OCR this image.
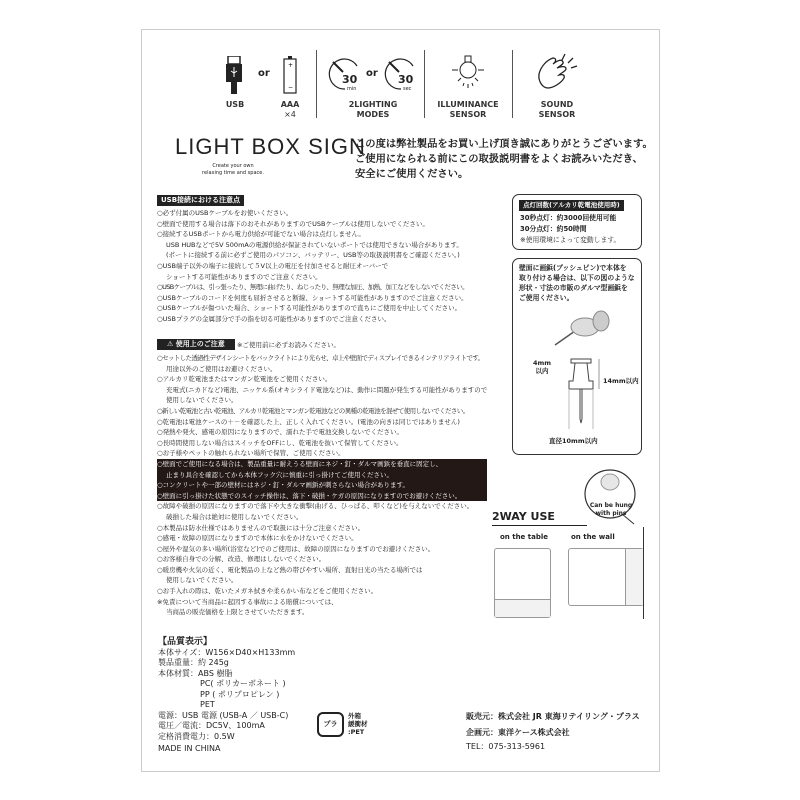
USB
or
+
−
AAA
×4
30
min
or 30
sec
2LIGHTING
MODES
ILLUMINANCE
SENSOR
SOUND
SENSOR
LIGHT BOX SIGN
Create your own
relaxing time and space.
この度は弊社製品をお買い上げ頂き誠にありがとうございます。
ご使用になられる前にこの取扱説明書をよくお読みいただき、
安全にご使用ください。
USB接続における注意点
○必ず付属のUSBケーブルをお使いください。
○壁面で使用する場合は落下のおそれがありますのでUSBケーブルは使用しないでください。
○接続するUSBポートから電力供給が可能でない場合は点灯しません。
USB HUBなどで5V 500mAの電源供給が保証されていないポートでは使用できない場合があります。
(ポートに接続する前に必ずご使用のパソコン、バッテリー、USB等の取扱説明書をご確認ください。)
○USB端子以外の端子に接続して５V以上の電圧を付加させると耐圧オーバーで
ショートする可能性がありますのでご注意ください。
○USBケーブルは、引っ張ったり、無理に曲げたり、ねじったり、無理な加圧、加熱、加工などをしないでください。
○USBケーブルのコードを何度も屈折させると断線、ショートする可能性がありますのでご注意ください。
○USBケーブルが傷ついた場合、ショートする可能性がありますので直ちにご使用を中止してください。
○USBプラグの金属部分で手の指を切る可能性がありますのでご注意ください。
⚠ 使用上のご注意	※ご使用前に必ずお読みください。
○セットした透過性デザインシートをバックライトにより光らせ、卓上や壁面でディスプレイできるインテリアライトです。
用途以外のご使用はお避けください。
○アルカリ乾電池またはマンガン乾電池をご使用ください。
充電式(ニカドなど)電池、ニッケル系(オキシライド電池など)は、動作に問題が発生する可能性がありますので
使用しないでください。
○新しい乾電池と古い乾電池、アルカリ乾電池とマンガン乾電池などの異種の乾電池を混ぜて使用しないでください。
○乾電池は電池ケースの＋－を確認した上、正しく入れてください。(電池の向きは同じではありません)
○発熱や発火、感電の原因になりますので、濡れた手で電池交換しないでください。
○長時間使用しない場合はスイッチをOFFにし、乾電池を抜いて保管してください。
○お子様やペットの触れられない場所で保管、ご使用ください。
○壁面でご使用になる場合は、製品重量に耐えうる壁面にネジ・釘・ダルマ画鋲を垂直に固定し、
止まり具合を確認してから本体フック穴に慎重に引っ掛けてご使用ください。
○コンクリートや一部の壁材にはネジ・釘・ダルマ画鋲が刺さらない場合があります。
○壁面に引っ掛けた状態でのスイッチ操作は、落下・破損・ケガの原因になりますのでお避けください。
○故障や破損の原因になりますので落下や大きな衝撃(曲げる、ひっぱる、叩くなど)を与えないでください。
破損した場合は絶対に使用しないでください。
○本製品は防水仕様ではありませんので取扱には十分ご注意ください。
○感電・故障の原因になりますので本体に水をかけないでください。
○屋外や湿気の多い場所(浴室など)でのご使用は、故障の原因になりますのでお避けください。
○お客様自身での分解、改造、修理はしないでください。
○暖房機や火気の近く、電化製品の上など熱の帯びやすい場所、直射日光の当たる場所では
使用しないでください。
○お手入れの際は、乾いたメガネ拭きや柔らかい布などをご使用ください。
※免責について当商品に起因する事故による賠償については、
当商品の販売価格を上限とさせていただきます。
点灯回数(アルカリ乾電池使用時)
30秒点灯：約3000回使用可能
30分点灯：約50時間
※使用環境によって変動します。
壁面に画鋲(プッシュピン)で本体を
取り付ける場合は、以下の図のような
形状・寸法の市販のダルマ型画鋲を
ご使用ください。
4mm
以内
14mm以内
直径10mm以内
Can be hung
with pins
2WAY USE
on the table	on the wall
【品質表示】
本体サイズ：W156×D40×H133mm
製品重量：約 245g
本体材質：ABS 樹脂
PC( ポリカーボネート )
PP ( ポリプロピレン )
PET
電源：USB 電源 (USB-A ／ USB-C)
電圧／電流：DC5V、100mA
定格消費電力：0.5W
MADE IN CHINA
プラ
外箱
緩衝材
:PET
販売元：株式会社 JR 東海リテイリング・プラス
企画元：東洋ケース株式会社
TEL：075-313-5961
